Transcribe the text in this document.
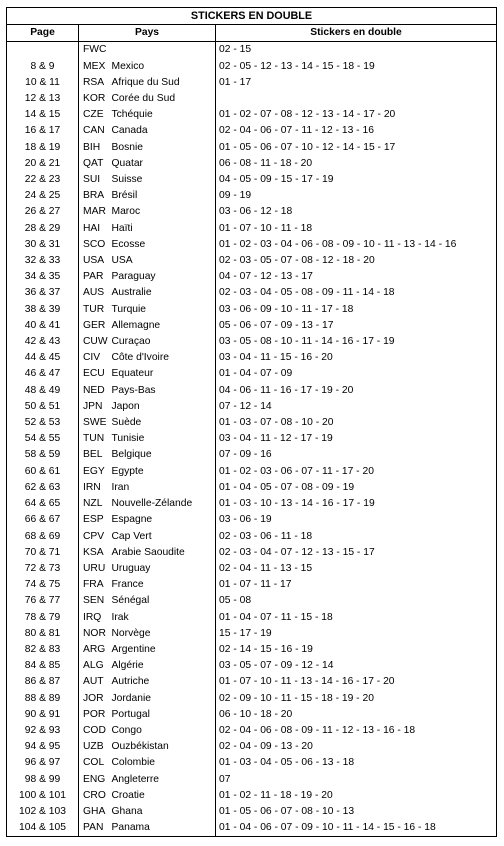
STICKERS EN DOUBLE			
Page	Pays		Stickers en double
	FWC		02 - 15
8 & 9	MEX	Mexico	02 - 05 - 12 - 13 - 14 - 15 - 18 - 19
10 & 11	RSA	Afrique du Sud	01 - 17
12 & 13	KOR	Corée du Sud	
14 & 15	CZE	Tchéquie	01 - 02 - 07 - 08 - 12 - 13 - 14 - 17 - 20
16 & 17	CAN	Canada	02 - 04 - 06 - 07 - 11 - 12 - 13 - 16
18 & 19	BIH	Bosnie	01 - 05 - 06 - 07 - 10 - 12 - 14 - 15 - 17
20 & 21	QAT	Quatar	06 - 08 - 11 - 18 - 20
22 & 23	SUI	Suisse	04 - 05 - 09 - 15 - 17 - 19
24 & 25	BRA	Brésil	09 - 19
26 & 27	MAR	Maroc	03 - 06 - 12 - 18
28 & 29	HAI	Haïti	01 - 07 - 10 - 11 - 18
30 & 31	SCO	Ecosse	01 - 02 - 03 - 04 - 06 - 08 - 09 - 10 - 11 - 13 - 14 - 16
32 & 33	USA	USA	02 - 03 - 05 - 07 - 08 - 12 - 18 - 20
34 & 35	PAR	Paraguay	04 - 07 - 12 - 13 - 17
36 & 37	AUS	Australie	02 - 03 - 04 - 05 - 08 - 09 - 11 - 14 - 18
38 & 39	TUR	Turquie	03 - 06 - 09 - 10 - 11 - 17 - 18
40 & 41	GER	Allemagne	05 - 06 - 07 - 09 - 13 - 17
42 & 43	CUW	Curaçao	03 - 05 - 08 - 10 - 11 - 14 - 16 - 17 - 19
44 & 45	CIV	Côte d'Ivoire	03 - 04 - 11 - 15 - 16 - 20
46 & 47	ECU	Equateur	01 - 04 - 07 - 09
48 & 49	NED	Pays-Bas	04 - 06 - 11 - 16 - 17 - 19 - 20
50 & 51	JPN	Japon	07 - 12 - 14
52 & 53	SWE	Suède	01 - 03 - 07 - 08 - 10 - 20
54 & 55	TUN	Tunisie	03 - 04 - 11 - 12 - 17 - 19
58 & 59	BEL	Belgique	07 - 09 - 16
60 & 61	EGY	Egypte	01 - 02 - 03 - 06 - 07 - 11 - 17 - 20
62 & 63	IRN	Iran	01 - 04 - 05 - 07 - 08 - 09 - 19
64 & 65	NZL	Nouvelle-Zélande	01 - 03 - 10 - 13 - 14 - 16 - 17 - 19
66 & 67	ESP	Espagne	03 - 06 - 19
68 & 69	CPV	Cap Vert	02 - 03 - 06 - 11 - 18
70 & 71	KSA	Arabie Saoudite	02 - 03 - 04 - 07 - 12 - 13 - 15 - 17
72 & 73	URU	Uruguay	02 - 04 - 11 - 13 - 15
74 & 75	FRA	France	01 - 07 - 11 - 17
76 & 77	SEN	Sénégal	05 - 08
78 & 79	IRQ	Irak	01 - 04 - 07 - 11 - 15 - 18
80 & 81	NOR	Norvège	15 - 17 - 19
82 & 83	ARG	Argentine	02 - 14 - 15 - 16 - 19
84 & 85	ALG	Algérie	03 - 05 - 07 - 09 - 12 - 14
86 & 87	AUT	Autriche	01 - 07 - 10 - 11 - 13 - 14 - 16 - 17 - 20
88 & 89	JOR	Jordanie	02 - 09 - 10 - 11 - 15 - 18 - 19 - 20
90 & 91	POR	Portugal	06 - 10 - 18 - 20
92 & 93	COD	Congo	02 - 04 - 06 - 08 - 09 - 11 - 12 - 13 - 16 - 18
94 & 95	UZB	Ouzbékistan	02 - 04 - 09 - 13 - 20
96 & 97	COL	Colombie	01 - 03 - 04 - 05 - 06 - 13 - 18
98 & 99	ENG	Angleterre	07
100 & 101	CRO	Croatie	01 - 02 - 11 - 18 - 19 - 20
102 & 103	GHA	Ghana	01 - 05 - 06 - 07 - 08 - 10 - 13
104 & 105	PAN	Panama	01 - 04 - 06 - 07 - 09 - 10 - 11 - 14 - 15 - 16 - 18
